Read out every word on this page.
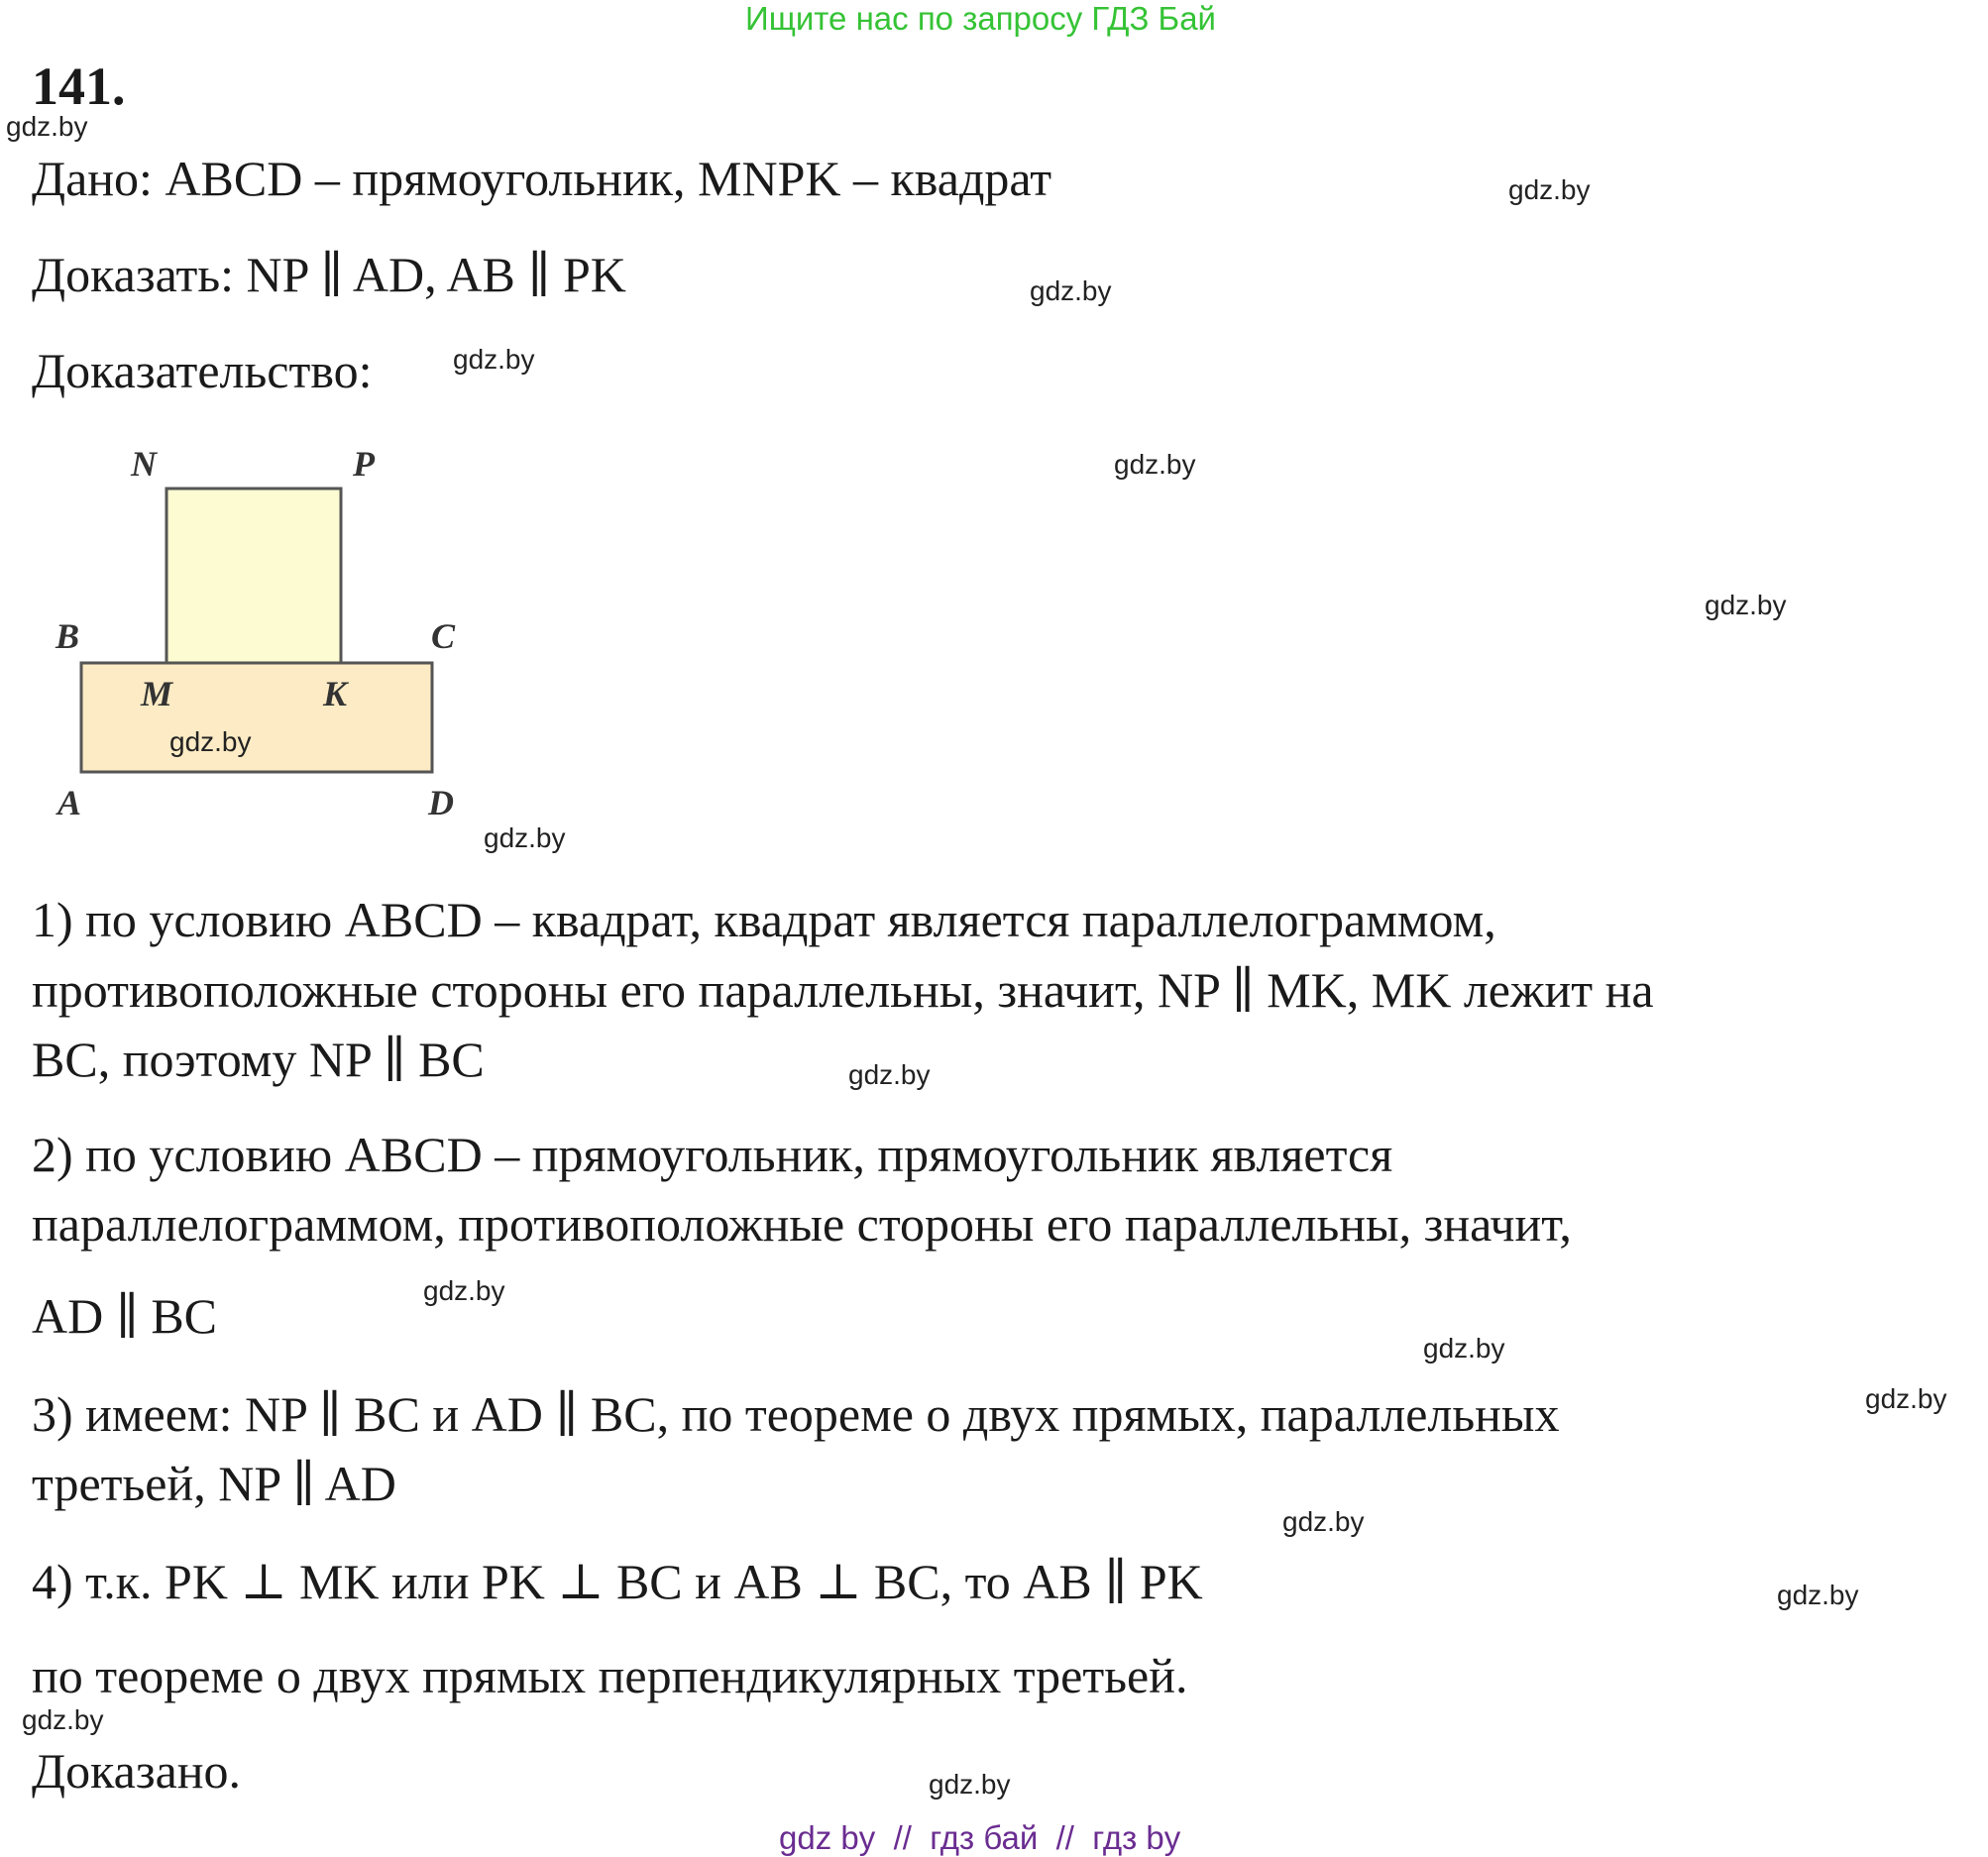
Ищите нас по запросу ГДЗ Бай
141.
Дано: ABCD – прямоугольник, MNPK – квадрат
Доказать: NP ∥ AD, AB ∥ PK
Доказательство:
N	P
B	C
M	K
A	D
1) по условию ABCD – квадрат, квадрат является параллелограммом,
противоположные стороны его параллельны, значит, NP ∥ MK, MK лежит на
BC, поэтому NP ∥ BC
2) по условию ABCD – прямоугольник, прямоугольник является
параллелограммом, противоположные стороны его параллельны, значит,
AD ∥ BC
3) имеем: NP ∥ BC и AD ∥ BC, по теореме о двух прямых, параллельных
третьей, NP ∥ AD
4) т.к. PK ⊥ MK или PK ⊥ BC и AB ⊥ BC, то AB ∥ PK
по теореме о двух прямых перпендикулярных третьей.
Доказано.
gdz.by
gdz.by
gdz.by
gdz.by
gdz.by
gdz.by
gdz.by
gdz.by
gdz.by
gdz.by
gdz.by
gdz.by
gdz.by
gdz.by
gdz.by
gdz.by
gdz by  //  гдз бай  //  гдз by
